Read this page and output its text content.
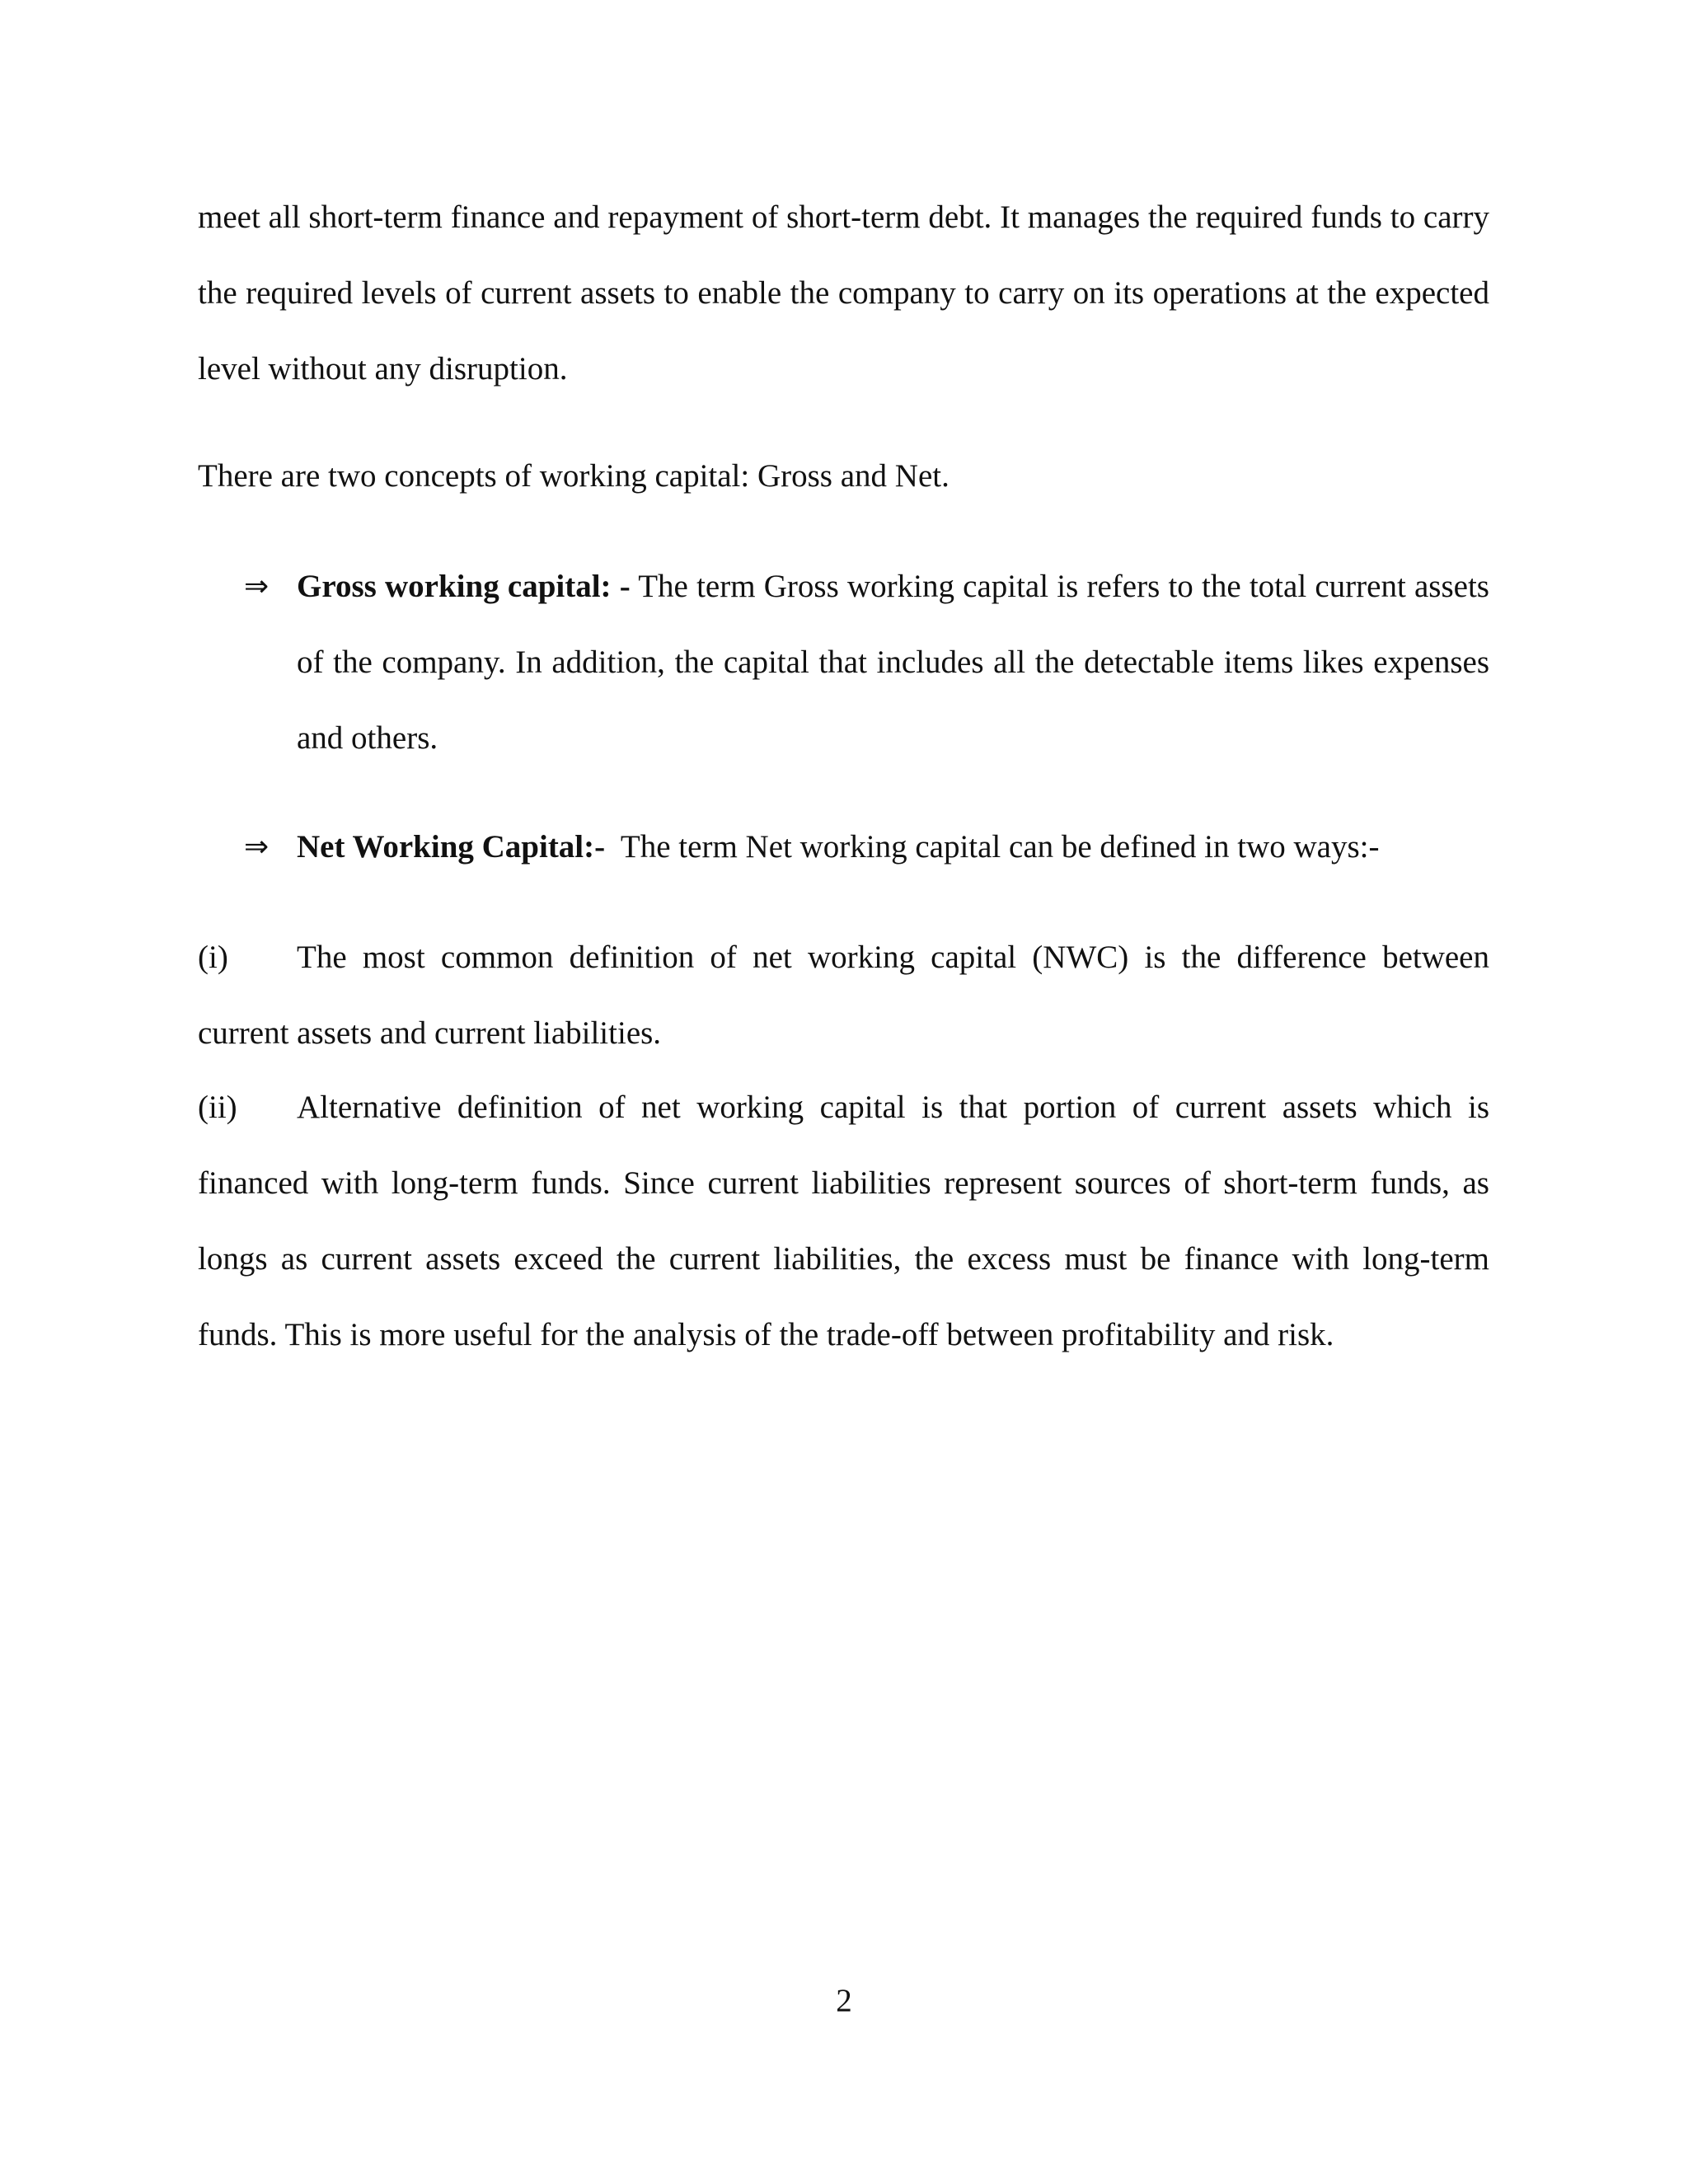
meet all short-term finance and repayment of short-term debt. It manages the required funds to carry the required levels of current assets to enable the company to carry on its operations at the expected level without any disruption.

There are two concepts of working capital: Gross and Net.

⇒ Gross working capital: - The term Gross working capital is refers to the total current assets of the company. In addition, the capital that includes all the detectable items likes expenses and others.
⇒ Net Working Capital:- The term Net working capital can be defined in two ways:-
(i) The most common definition of net working capital (NWC) is the difference between current assets and current liabilities.
(ii) Alternative definition of net working capital is that portion of current assets which is financed with long-term funds. Since current liabilities represent sources of short-term funds, as longs as current assets exceed the current liabilities, the excess must be finance with long-term funds. This is more useful for the analysis of the trade-off between profitability and risk.
2
